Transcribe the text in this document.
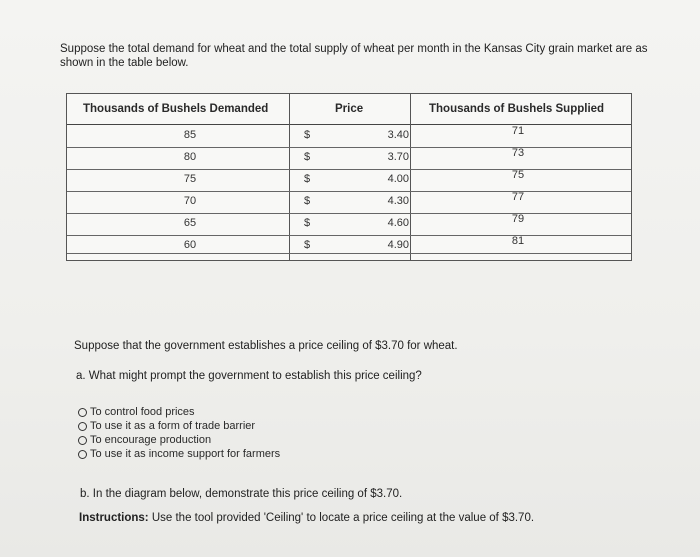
Suppose the total demand for wheat and the total supply of wheat per month in the Kansas City grain market are as shown in the table below.
Thousands of Bushels Demanded	Price	Thousands of Bushels Supplied
85	$	3.40	71
80	$	3.70	73
75	$	4.00	75
70	$	4.30	77
65	$	4.60	79
60	$	4.90	81
Suppose that the government establishes a price ceiling of $3.70 for wheat.
a. What might prompt the government to establish this price ceiling?
To control food prices
To use it as a form of trade barrier
To encourage production
To use it as income support for farmers
b. In the diagram below, demonstrate this price ceiling of $3.70.
Instructions: Use the tool provided 'Ceiling' to locate a price ceiling at the value of $3.70.
